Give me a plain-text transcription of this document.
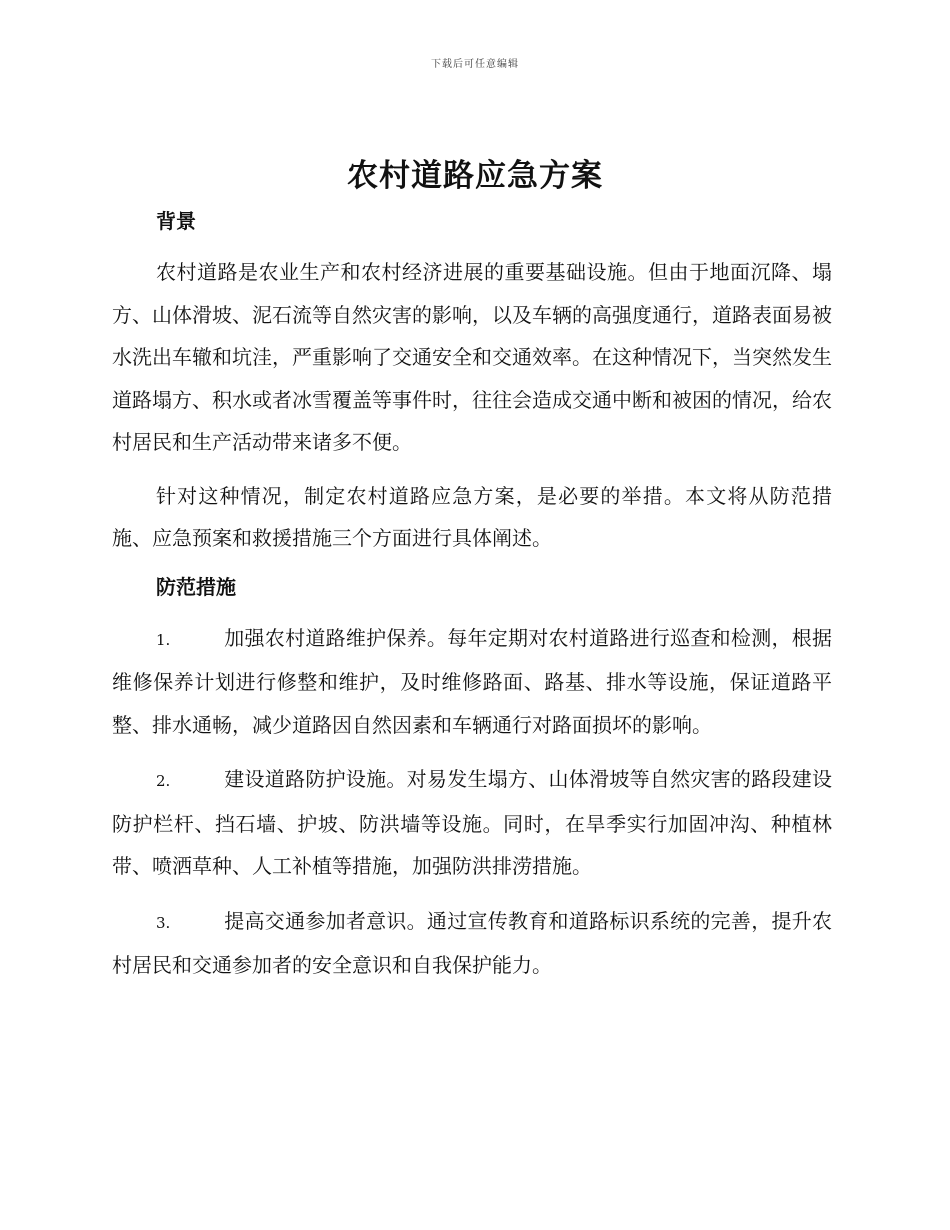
下载后可任意编辑
农村道路应急方案
背景

农村道路是农业生产和农村经济进展的重要基础设施。但由于地面沉降、塌方、山体滑坡、泥石流等自然灾害的影响，以及车辆的高强度通行，道路表面易被水洗出车辙和坑洼，严重影响了交通安全和交通效率。在这种情况下，当突然发生道路塌方、积水或者冰雪覆盖等事件时，往往会造成交通中断和被困的情况，给农村居民和生产活动带来诸多不便。

针对这种情况，制定农村道路应急方案，是必要的举措。本文将从防范措施、应急预案和救援措施三个方面进行具体阐述。

防范措施

1.	加强农村道路维护保养。每年定期对农村道路进行巡查和检测，根据维修保养计划进行修整和维护，及时维修路面、路基、排水等设施，保证道路平整、排水通畅，减少道路因自然因素和车辆通行对路面损坏的影响。

2.	建设道路防护设施。对易发生塌方、山体滑坡等自然灾害的路段建设防护栏杆、挡石墙、护坡、防洪墙等设施。同时，在旱季实行加固冲沟、种植林带、喷洒草种、人工补植等措施，加强防洪排涝措施。

3.	提高交通参加者意识。通过宣传教育和道路标识系统的完善，提升农村居民和交通参加者的安全意识和自我保护能力。
